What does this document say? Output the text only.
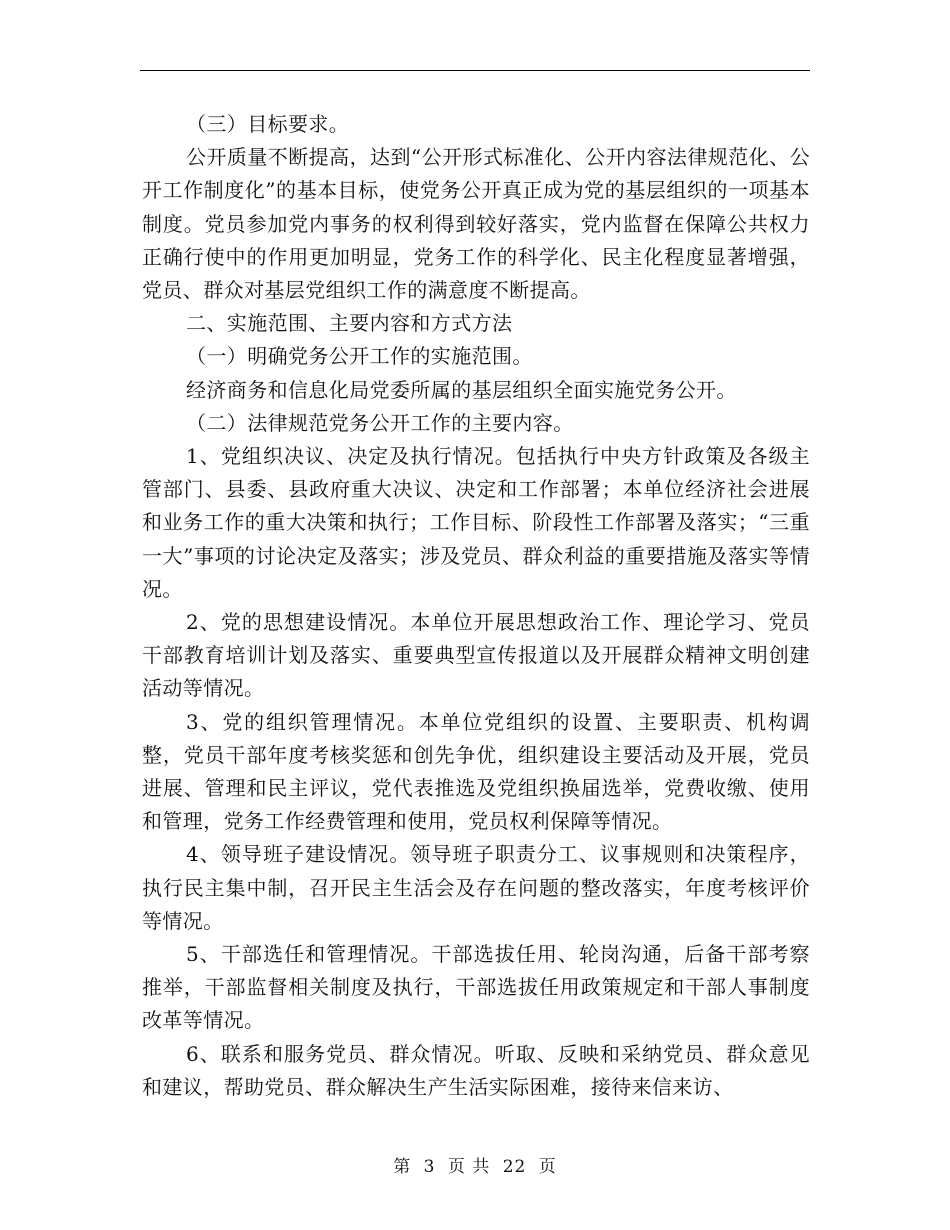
（三）目标要求。

公开质量不断提高，达到“公开形式标准化、公开内容法律规范化、公开工作制度化”的基本目标，使党务公开真正成为党的基层组织的一项基本制度。党员参加党内事务的权利得到较好落实，党内监督在保障公共权力正确行使中的作用更加明显，党务工作的科学化、民主化程度显著增强，党员、群众对基层党组织工作的满意度不断提高。

二、实施范围、主要内容和方式方法

（一）明确党务公开工作的实施范围。

经济商务和信息化局党委所属的基层组织全面实施党务公开。

（二）法律规范党务公开工作的主要内容。

1、党组织决议、决定及执行情况。包括执行中央方针政策及各级主管部门、县委、县政府重大决议、决定和工作部署；本单位经济社会进展和业务工作的重大决策和执行；工作目标、阶段性工作部署及落实；“三重一大”事项的讨论决定及落实；涉及党员、群众利益的重要措施及落实等情况。

2、党的思想建设情况。本单位开展思想政治工作、理论学习、党员干部教育培训计划及落实、重要典型宣传报道以及开展群众精神文明创建活动等情况。

3、党的组织管理情况。本单位党组织的设置、主要职责、机构调整，党员干部年度考核奖惩和创先争优，组织建设主要活动及开展，党员进展、管理和民主评议，党代表推选及党组织换届选举，党费收缴、使用和管理，党务工作经费管理和使用，党员权利保障等情况。

4、领导班子建设情况。领导班子职责分工、议事规则和决策程序，执行民主集中制，召开民主生活会及存在问题的整改落实，年度考核评价等情况。

5、干部选任和管理情况。干部选拔任用、轮岗沟通，后备干部考察推举，干部监督相关制度及执行，干部选拔任用政策规定和干部人事制度改革等情况。

6、联系和服务党员、群众情况。听取、反映和采纳党员、群众意见和建议，帮助党员、群众解决生产生活实际困难，接待来信来访、

第 3 页 共 22 页
